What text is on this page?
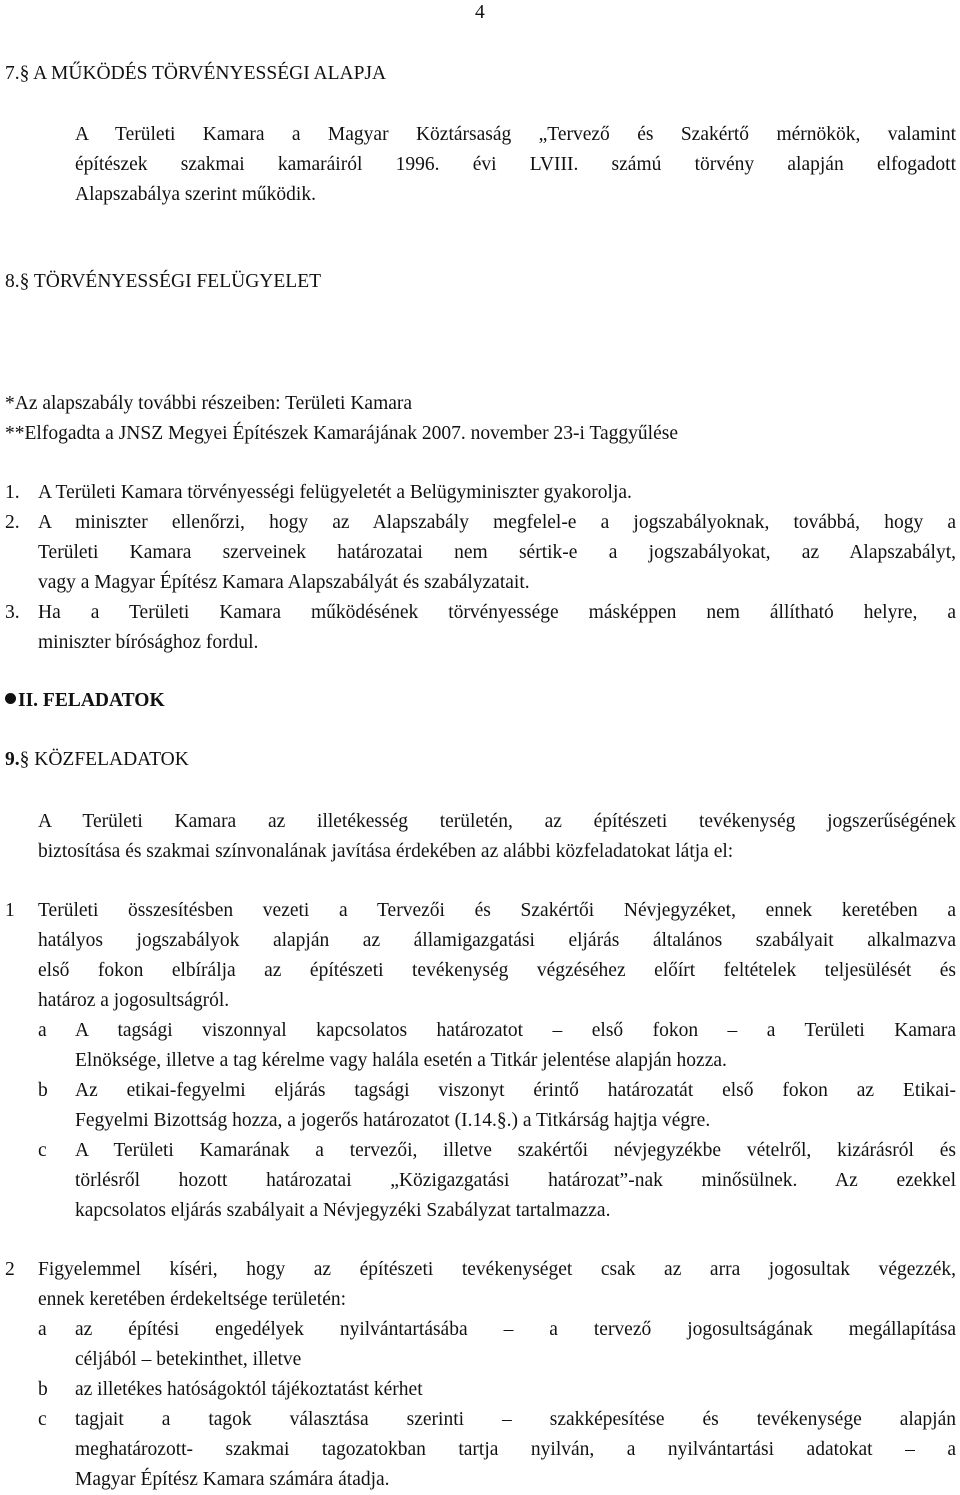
4
7.§ A MŰKÖDÉS TÖRVÉNYESSÉGI ALAPJA
A Területi Kamara a Magyar Köztársaság „Tervező és Szakértő mérnökök, valamint
építészek szakmai kamaráiról 1996. évi LVIII. számú törvény alapján elfogadott
Alapszabálya szerint működik.
8.§ TÖRVÉNYESSÉGI FELÜGYELET
*Az alapszabály további részeiben: Területi Kamara
**Elfogadta a JNSZ Megyei Építészek Kamarájának 2007. november 23-i Taggyűlése
1. A Területi Kamara törvényességi felügyeletét a Belügyminiszter gyakorolja.
2. A miniszter ellenőrzi, hogy az Alapszabály megfelel-e a jogszabályoknak, továbbá, hogy a
Területi Kamara szerveinek határozatai nem sértik-e a jogszabályokat, az Alapszabályt,
vagy a Magyar Építész Kamara Alapszabályát és szabályzatait.
3. Ha a Területi Kamara működésének törvényessége másképpen nem állítható helyre, a
miniszter bírósághoz fordul.
II. FELADATOK
9.§ KÖZFELADATOK
A Területi Kamara az illetékesség területén, az építészeti tevékenység jogszerűségének
biztosítása és szakmai színvonalának javítása érdekében az alábbi közfeladatokat látja el:
1 Területi összesítésben vezeti a Tervezői és Szakértői Névjegyzéket, ennek keretében a
hatályos jogszabályok alapján az államigazgatási eljárás általános szabályait alkalmazva
első fokon elbírálja az építészeti tevékenység végzéséhez előírt feltételek teljesülését és
határoz a jogosultságról.
a A tagsági viszonnyal kapcsolatos határozatot – első fokon – a Területi Kamara
Elnöksége, illetve a tag kérelme vagy halála esetén a Titkár jelentése alapján hozza.
b Az etikai-fegyelmi eljárás tagsági viszonyt érintő határozatát első fokon az Etikai-
Fegyelmi Bizottság hozza, a jogerős határozatot (I.14.§.) a Titkárság hajtja végre.
c A Területi Kamarának a tervezői, illetve szakértői névjegyzékbe vételről, kizárásról és
törlésről hozott határozatai „Közigazgatási határozat”-nak minősülnek. Az ezekkel
kapcsolatos eljárás szabályait a Névjegyzéki Szabályzat tartalmazza.
2 Figyelemmel kíséri, hogy az építészeti tevékenységet csak az arra jogosultak végezzék,
ennek keretében érdekeltsége területén:
a az építési engedélyek nyilvántartásába – a tervező jogosultságának megállapítása
céljából – betekinthet, illetve
b az illetékes hatóságoktól tájékoztatást kérhet
c tagjait a tagok választása szerinti – szakképesítése és tevékenysége alapján
meghatározott- szakmai tagozatokban tartja nyilván, a nyilvántartási adatokat – a
Magyar Építész Kamara számára átadja.
